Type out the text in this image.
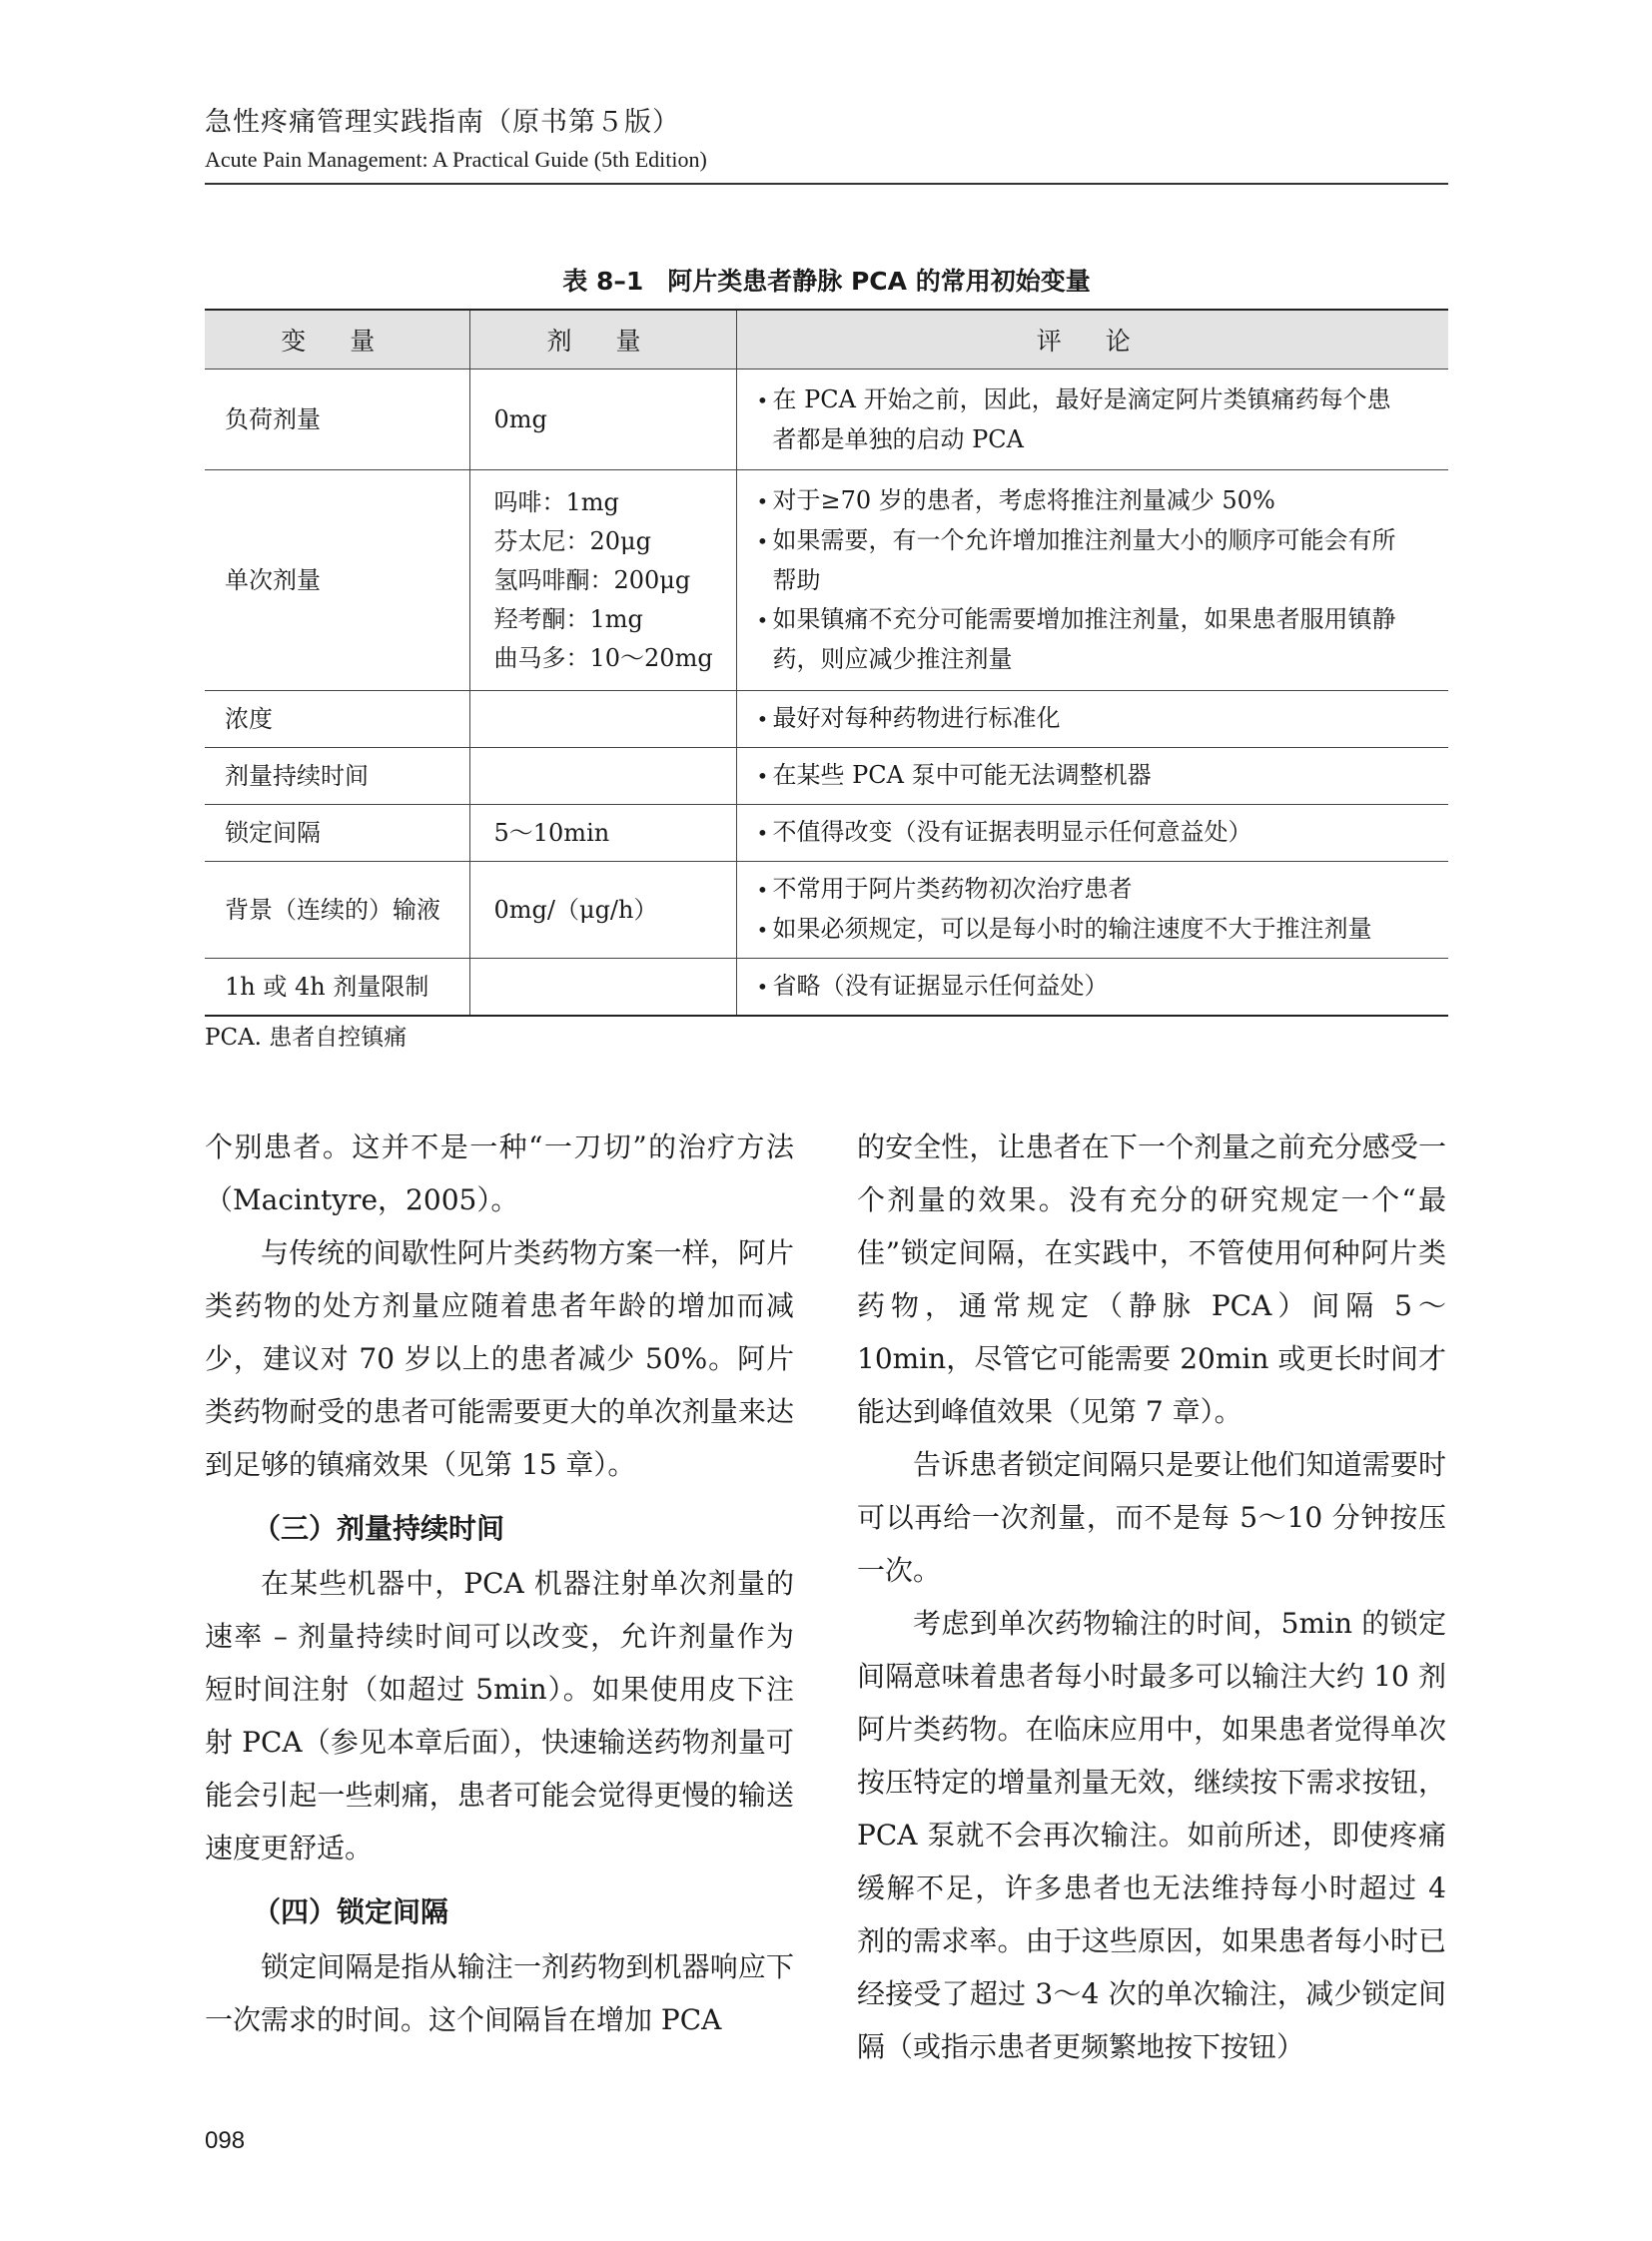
急性疼痛管理实践指南（原书第５版）
Acute Pain Management: A Practical Guide (5th Edition)
表 8–1 阿片类患者静脉 PCA 的常用初始变量
变 量	剂 量	评 论
负荷剂量	0mg	• 在 PCA 开始之前，因此，最好是滴定阿片类镇痛药每个患
者都是单独的启动 PCA

单次剂量	吗啡：1mg
芬太尼：20μg
氢吗啡酮：200μg
羟考酮：1mg
曲马多：10～20mg	• 对于≥70 岁的患者，考虑将推注剂量减少 50%
• 如果需要，有一个允许增加推注剂量大小的顺序可能会有所
帮助
• 如果镇痛不充分可能需要增加推注剂量，如果患者服用镇静
药，则应减少推注剂量

浓度		• 最好对每种药物进行标准化

剂量持续时间		• 在某些 PCA 泵中可能无法调整机器

锁定间隔	5～10min	• 不值得改变（没有证据表明显示任何意益处）

背景（连续的）输液	0mg/（μg/h）	• 不常用于阿片类药物初次治疗患者
• 如果必须规定，可以是每小时的输注速度不大于推注剂量

1h 或 4h 剂量限制		• 省略（没有证据显示任何益处）
PCA. 患者自控镇痛

个别患者。这并不是一种“一刀切”的治疗方法（Macintyre，2005）。

与传统的间歇性阿片类药物方案一样，阿片类药物的处方剂量应随着患者年龄的增加而减少，建议对 70 岁以上的患者减少 50%。阿片类药物耐受的患者可能需要更大的单次剂量来达到足够的镇痛效果（见第 15 章）。

（三）剂量持续时间

在某些机器中，PCA 机器注射单次剂量的速率 – 剂量持续时间可以改变，允许剂量作为短时间注射（如超过 5min）。如果使用皮下注射 PCA（参见本章后面），快速输送药物剂量可能会引起一些刺痛，患者可能会觉得更慢的输送速度更舒适。

（四）锁定间隔

锁定间隔是指从输注一剂药物到机器响应下一次需求的时间。这个间隔旨在增加 PCA

的安全性，让患者在下一个剂量之前充分感受一个剂量的效果。没有充分的研究规定一个“最佳”锁定间隔，在实践中，不管使用何种阿片类药物，通常规定（静脉 PCA）间隔 5～10min，尽管它可能需要 20min 或更长时间才能达到峰值效果（见第 7 章）。

告诉患者锁定间隔只是要让他们知道需要时可以再给一次剂量，而不是每 5～10 分钟按压一次。

考虑到单次药物输注的时间，5min 的锁定间隔意味着患者每小时最多可以输注大约 10 剂阿片类药物。在临床应用中，如果患者觉得单次按压特定的增量剂量无效，继续按下需求按钮，PCA 泵就不会再次输注。如前所述，即使疼痛缓解不足，许多患者也无法维持每小时超过 4 剂的需求率。由于这些原因，如果患者每小时已经接受了超过 3～4 次的单次输注，减少锁定间隔（或指示患者更频繁地按下按钮）

098
